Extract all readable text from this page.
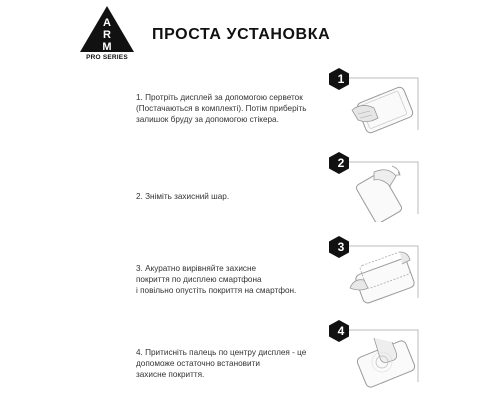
A
R
M
PRO SERIES
ПРОСТА УСТАНОВКА
1. Протріть дисплей за допомогою серветок
(Постачаються в комплекті). Потім приберіть
залишок бруду за допомогою стікера.
1
2. Зніміть захисний шар.
2
3. Акуратно вирівняйте захисне
покриття по дисплею смартфона
і повільно опустіть покриття на смартфон.
3
4. Притисніть палець по центру дисплея - це
допоможе остаточно встановити
захисне покриття.
4
